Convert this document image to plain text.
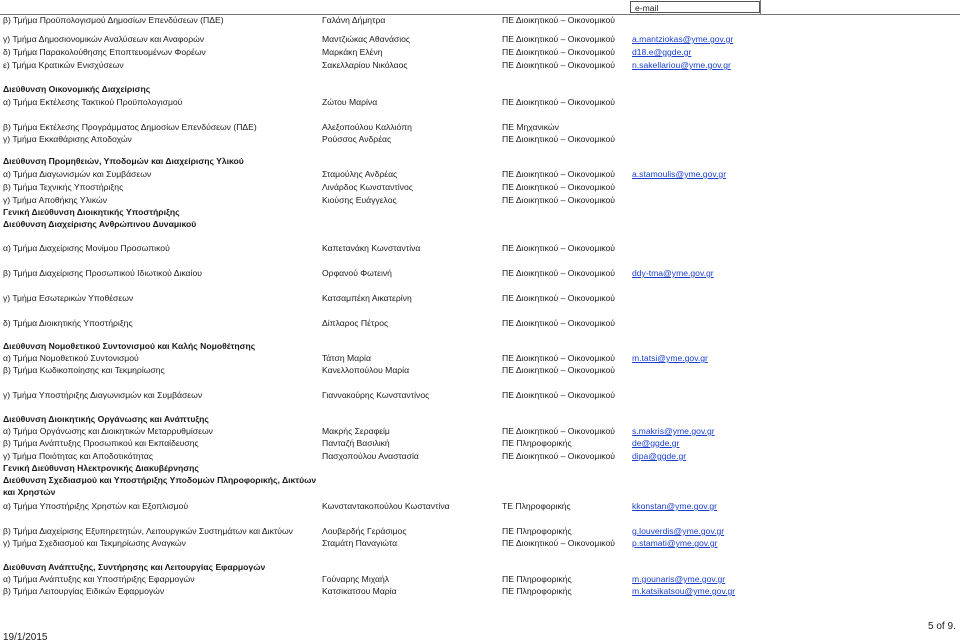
e-mail
β) Τμήμα Προϋπολογισμού Δημοσίων Επενδύσεων (ΠΔΕ)	Γαλάνη Δήμητρα	ΠΕ Διοικητικού – Οικονομικού
γ) Τμήμα Δημοσιονομικών Αναλύσεων και Αναφορών	Μαντζιώκας Αθανάσιος	ΠΕ Διοικητικού – Οικονομικού a.mantziokas@yme.gov.gr
δ) Τμήμα Παρακολούθησης Εποπτευομένων Φορέων	Μαρκάκη Ελένη	ΠΕ Διοικητικού – Οικονομικού d18.e@ggde.gr
ε) Τμήμα Κρατικών Ενισχύσεων	Σακελλαρίου Νικόλαος	ΠΕ Διοικητικού – Οικονομικού n.sakellariou@yme.gov.gr
Διεύθυνση Οικονομικής Διαχείρισης
α) Τμήμα Εκτέλεσης Τακτικού Προϋπολογισμού	Ζώτου Μαρίνα	ΠΕ Διοικητικού – Οικονομικού
β) Τμήμα Εκτέλεσης Προγράμματος Δημοσίων Επενδύσεων (ΠΔΕ)	Αλεξοπούλου Καλλιόπη	ΠΕ Μηχανικών
γ) Τμήμα Εκκαθάρισης Αποδοχών	Ρούσσος Ανδρέας	ΠΕ Διοικητικού – Οικονομικού
Διεύθυνση Προμηθειών, Υποδομών και Διαχείρισης Υλικού
α) Τμήμα Διαγωνισμών και Συμβάσεων	Σταμούλης Ανδρέας	ΠΕ Διοικητικού – Οικονομικού a.stamoulis@yme.gov.gr
β) Τμήμα Τεχνικής Υποστήριξης	Λινάρδος Κωνσταντίνος	ΠΕ Διοικητικού – Οικονομικού
γ) Τμήμα Αποθήκης Υλικών	Κιούσης Ευάγγελος	ΠΕ Διοικητικού – Οικονομικού
Γενική Διεύθυνση Διοικητικής Υποστήριξης
Διεύθυνση Διαχείρισης Ανθρώπινου Δυναμικού
α) Τμήμα Διαχείρισης Μονίμου Προσωπικού	Καπετανάκη Κωνσταντίνα	ΠΕ Διοικητικού – Οικονομικού
β) Τμήμα Διαχείρισης Προσωπικού Ιδιωτικού Δικαίου	Ορφανού Φωτεινή	ΠΕ Διοικητικού – Οικονομικού ddy-tma@yme.gov.gr
γ) Τμήμα Εσωτερικών Υποθέσεων	Κατσαμπέκη Αικατερίνη	ΠΕ Διοικητικού – Οικονομικού
δ) Τμήμα Διοικητικής Υποστήριξης	Δίπλαρος Πέτρος	ΠΕ Διοικητικού – Οικονομικού
Διεύθυνση Νομοθετικού Συντονισμού και Καλής Νομοθέτησης
α) Τμήμα Νομοθετικού Συντονισμού	Τάτση Μαρία	ΠΕ Διοικητικού – Οικονομικού m.tatsi@yme.gov.gr
β) Τμήμα Κωδικοποίησης και Τεκμηρίωσης	Κανελλοπούλου Μαρία	ΠΕ Διοικητικού – Οικονομικού
γ) Τμήμα Υποστήριξης Διαγωνισμών και Συμβάσεων	Γιανναкούρης Κωνσταντίνος	ΠΕ Διοικητικού – Οικονομικού
Διεύθυνση Διοικητικής Οργάνωσης και Ανάπτυξης
α) Τμήμα Οργάνωσης και Διοικητικών Μεταρρυθμίσεων	Μακρής Σεραφείμ	ΠΕ Διοικητικού – Οικονομικού s.makris@yme.gov.gr
β) Τμήμα Ανάπτυξης Προσωπικού και Εκπαίδευσης	Πανταζή Βασιλική	ΠΕ Πληροφορικής	de@ggde.gr
γ) Τμήμα Ποιότητας και Αποδοτικότητας	Πασχοπούλου Αναστασία	ΠΕ Διοικητικού – Οικονομικού dipa@ggde.gr
Γενική Διεύθυνση Ηλεκτρονικής Διακυβέρνησης
Διεύθυνση Σχεδιασμού και Υποστήριξης Υποδομών Πληροφορικής, Δικτύων
και Χρηστών
α) Τμήμα Υποστήριξης Χρηστών και Εξοπλισμού	Κωνσταντακοπούλου Κωσταντίνα	ΤΕ Πληροφορικής	kkonstan@yme.gov.gr
β) Τμήμα Διαχείρισης Εξυπηρετητών, Λειτουργικών Συστημάτων και Δικτύων	Λουβερδής Γεράσιμος	ΠΕ Πληροφορικής	g.louverdis@yme.gov.gr
γ) Τμήμα Σχεδιασμού και Τεκμηρίωσης Αναγκών	Σταμάτη Παναγιώτα	ΠΕ Διοικητικού – Οικονομικού p.stamati@yme.gov.gr
Διεύθυνση Ανάπτυξης, Συντήρησης και Λειτουργίας Εφαρμογών
α) Τμήμα Ανάπτυξης και Υποστήριξης Εφαρμογών	Γούναρης Μιχαήλ	ΠΕ Πληροφορικής	m.gounaris@yme.gov.gr
β) Τμήμα Λειτουργίας Ειδικών Εφαρμογών	Κατσικατσου Μαρία	ΠΕ Πληροφορικής	m.katsikatsou@yme.gov.gr
19/1/2015
5 of 9.
